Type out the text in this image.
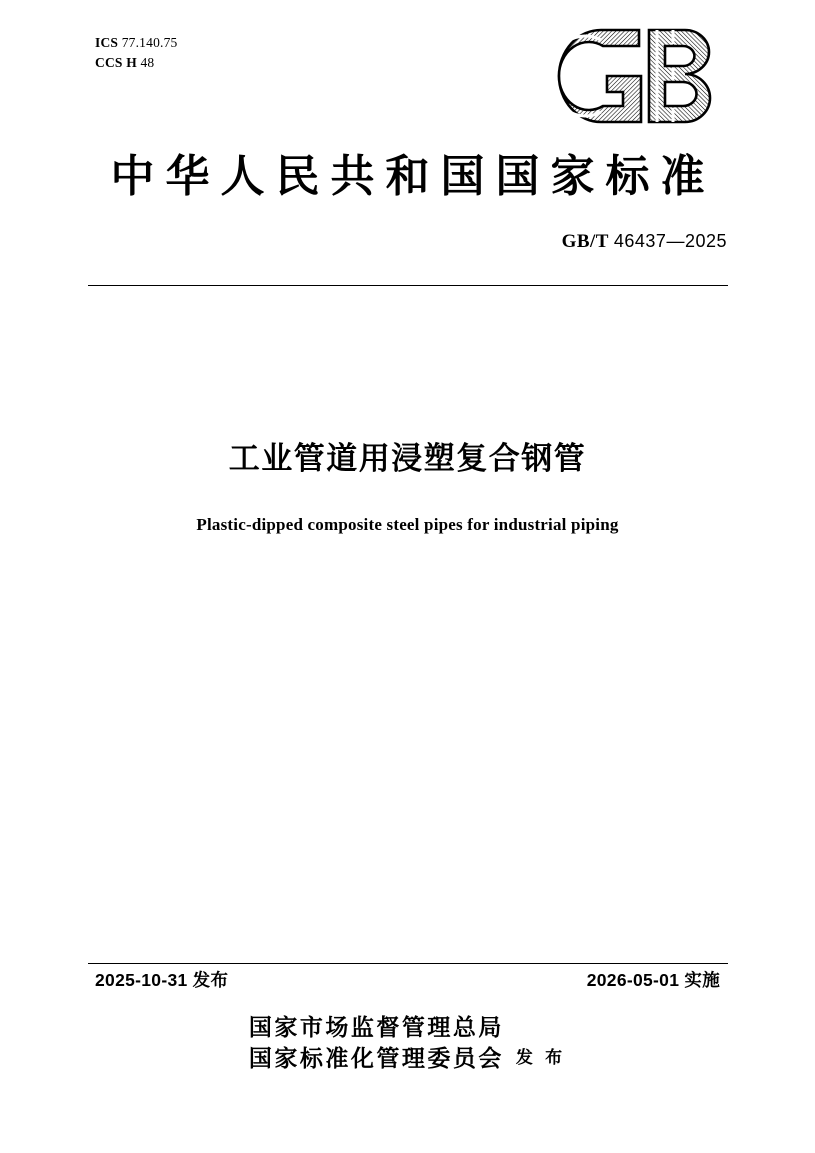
ICS 77.140.75
CCS H 48
中华人民共和国国家标准
GB/T 46437—2025
工业管道用浸塑复合钢管
Plastic-dipped composite steel pipes for industrial piping
2025-10-31 发布	2026-05-01 实施
国家市场监督管理总局
国家标准化管理委员会 发 布
